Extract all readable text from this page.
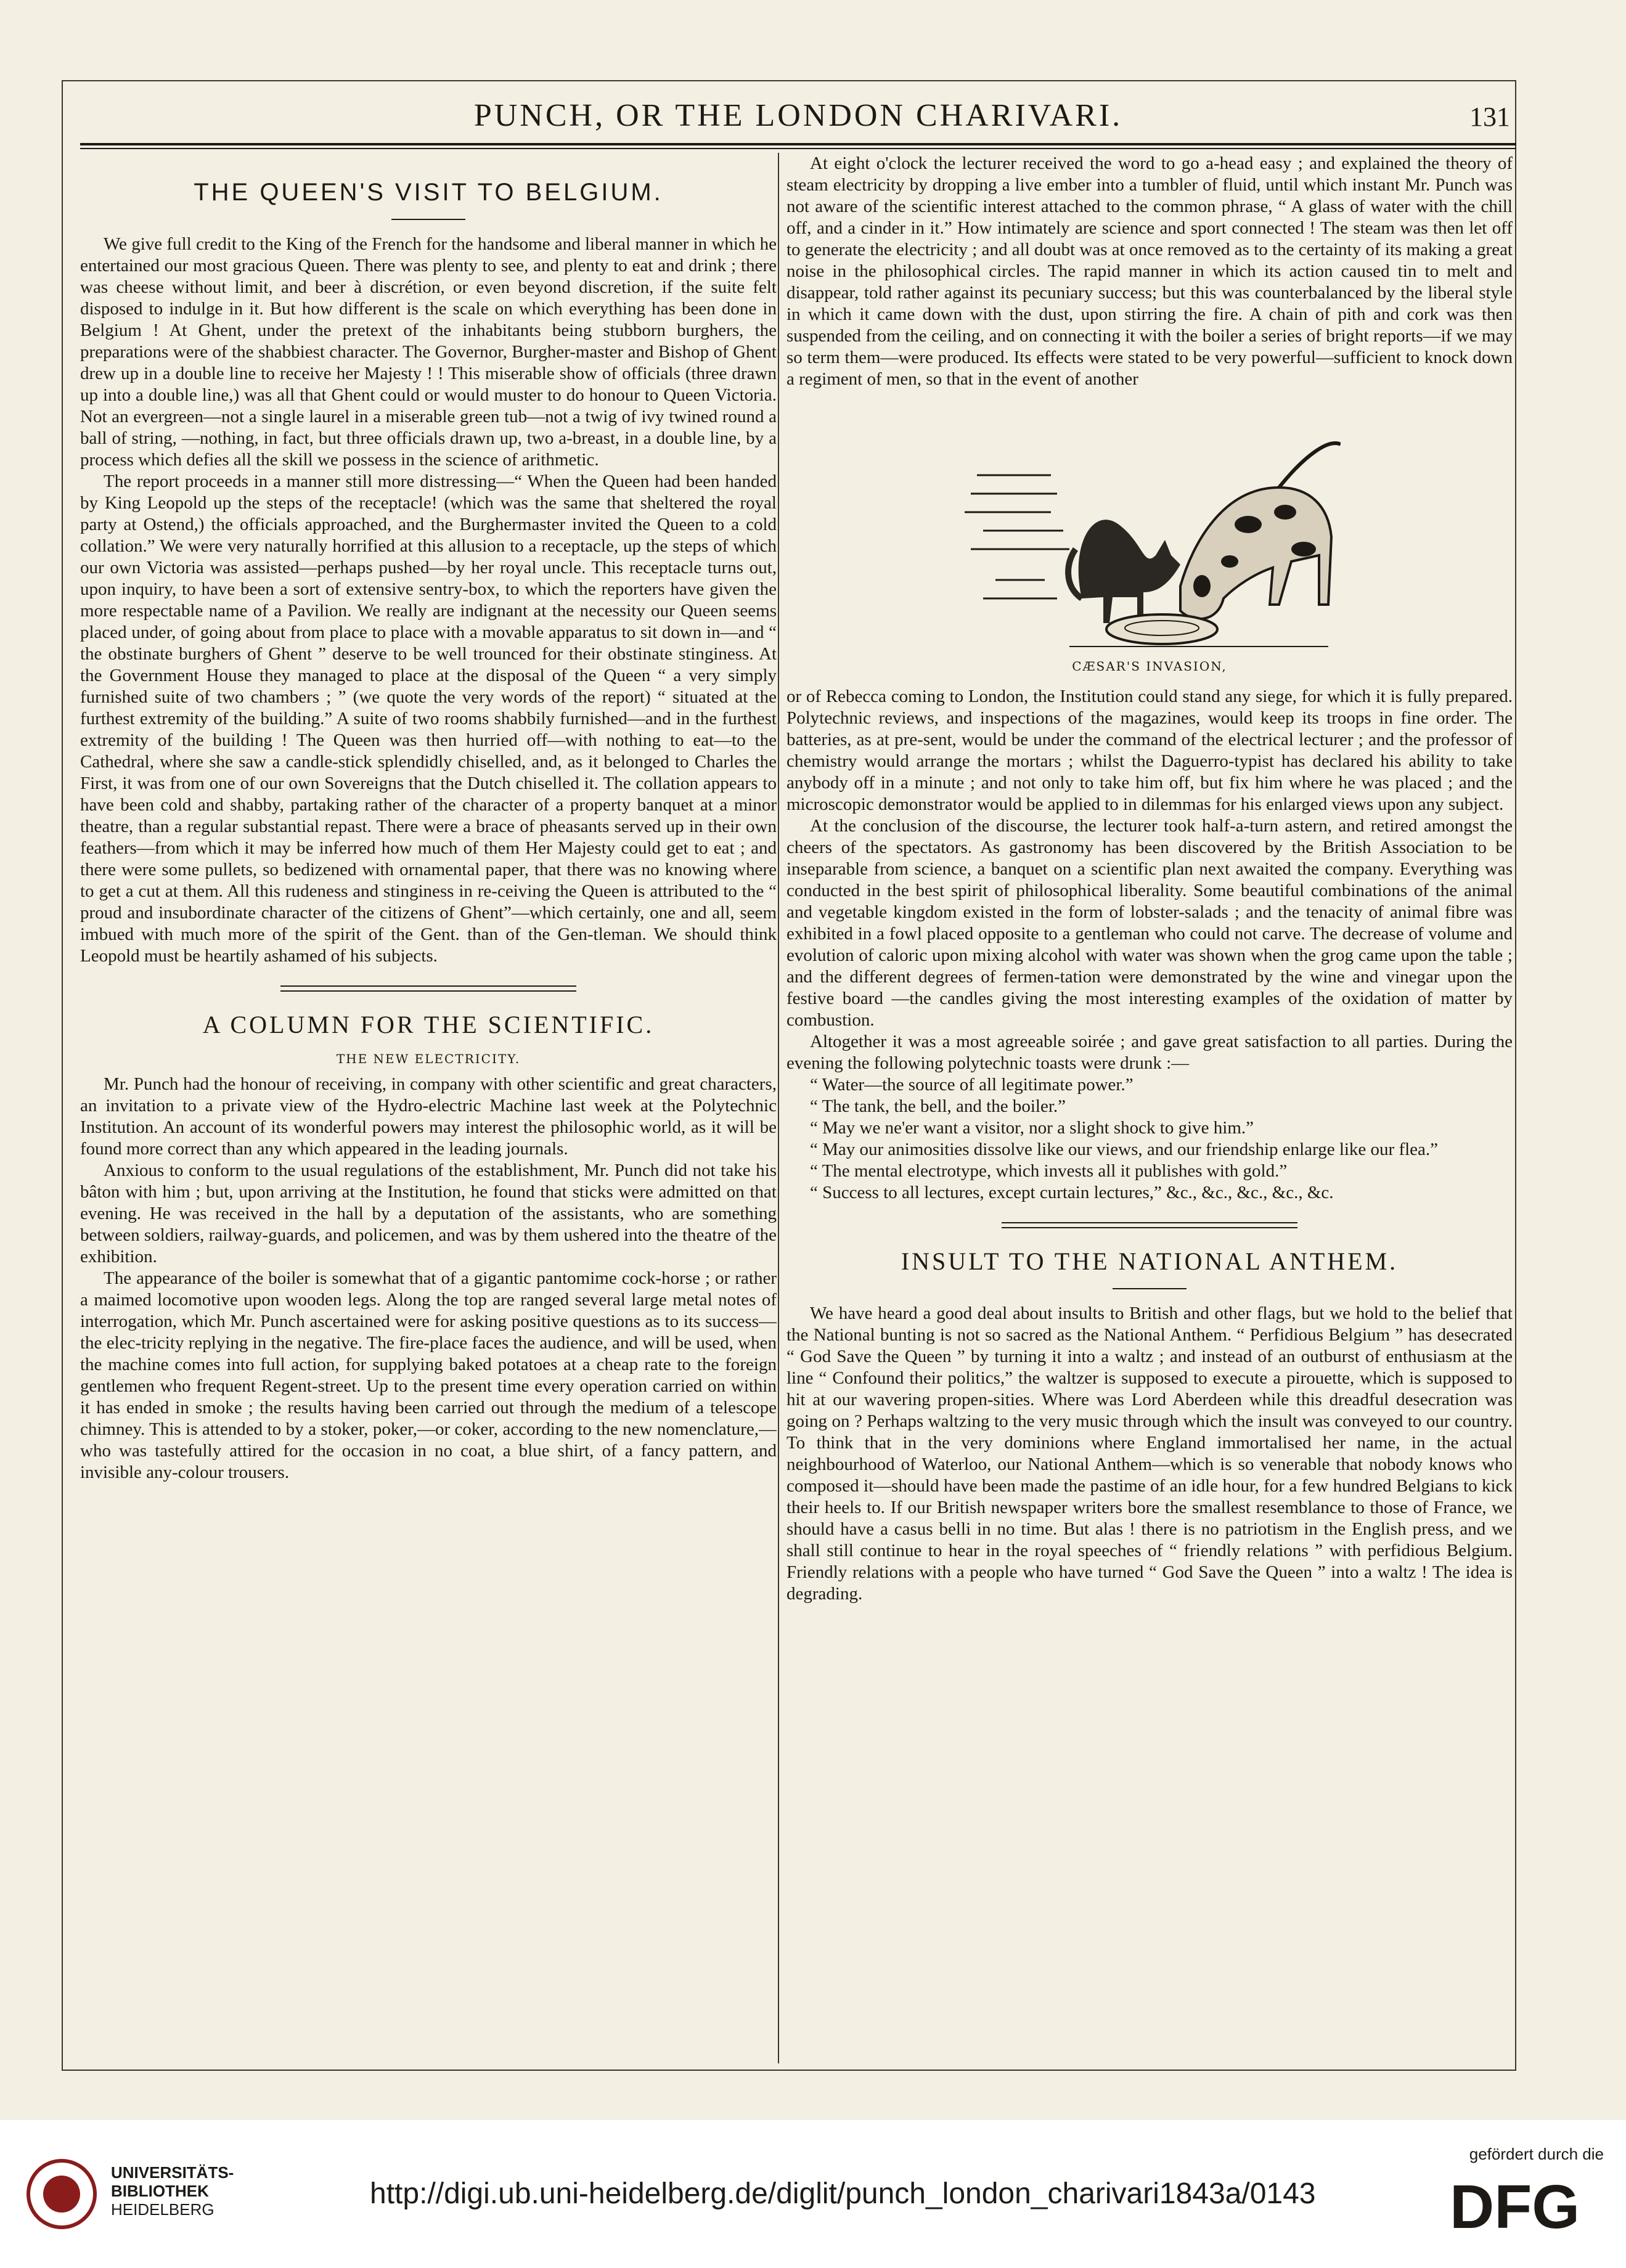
PUNCH, OR THE LONDON CHARIVARI.	131
THE QUEEN'S VISIT TO BELGIUM.

We give full credit to the King of the French for the handsome and liberal manner in which he entertained our most gracious Queen. There was plenty to see, and plenty to eat and drink ; there was cheese without limit, and beer à discrétion, or even beyond discretion, if the suite felt disposed to indulge in it. But how different is the scale on which everything has been done in Belgium ! At Ghent, under the pretext of the inhabitants being stubborn burghers, the preparations were of the shabbiest character. The Governor, Burgher-master and Bishop of Ghent drew up in a double line to receive her Majesty ! ! This miserable show of officials (three drawn up into a double line,) was all that Ghent could or would muster to do honour to Queen Victoria. Not an evergreen—not a single laurel in a miserable green tub—not a twig of ivy twined round a ball of string, —nothing, in fact, but three officials drawn up, two a-breast, in a double line, by a process which defies all the skill we possess in the science of arithmetic.

The report proceeds in a manner still more distressing—“ When the Queen had been handed by King Leopold up the steps of the receptacle! (which was the same that sheltered the royal party at Ostend,) the officials approached, and the Burghermaster invited the Queen to a cold collation.” We were very naturally horrified at this allusion to a receptacle, up the steps of which our own Victoria was assisted—perhaps pushed—by her royal uncle. This receptacle turns out, upon inquiry, to have been a sort of extensive sentry-box, to which the reporters have given the more respectable name of a Pavilion. We really are indignant at the necessity our Queen seems placed under, of going about from place to place with a movable apparatus to sit down in—and “ the obstinate burghers of Ghent ” deserve to be well trounced for their obstinate stinginess. At the Government House they managed to place at the disposal of the Queen “ a very simply furnished suite of two chambers ; ” (we quote the very words of the report) “ situated at the furthest extremity of the building.” A suite of two rooms shabbily furnished—and in the furthest extremity of the building ! The Queen was then hurried off—with nothing to eat—to the Cathedral, where she saw a candle-stick splendidly chiselled, and, as it belonged to Charles the First, it was from one of our own Sovereigns that the Dutch chiselled it. The collation appears to have been cold and shabby, partaking rather of the character of a property banquet at a minor theatre, than a regular substantial repast. There were a brace of pheasants served up in their own feathers—from which it may be inferred how much of them Her Majesty could get to eat ; and there were some pullets, so bedizened with ornamental paper, that there was no knowing where to get a cut at them. All this rudeness and stinginess in re-ceiving the Queen is attributed to the “ proud and insubordinate character of the citizens of Ghent”—which certainly, one and all, seem imbued with much more of the spirit of the Gent. than of the Gen-tleman. We should think Leopold must be heartily ashamed of his subjects.

A COLUMN FOR THE SCIENTIFIC.
THE NEW ELECTRICITY.

Mr. Punch had the honour of receiving, in company with other scientific and great characters, an invitation to a private view of the Hydro-electric Machine last week at the Polytechnic Institution. An account of its wonderful powers may interest the philosophic world, as it will be found more correct than any which appeared in the leading journals.

Anxious to conform to the usual regulations of the establishment, Mr. Punch did not take his bâton with him ; but, upon arriving at the Institution, he found that sticks were admitted on that evening. He was received in the hall by a deputation of the assistants, who are something between soldiers, railway-guards, and policemen, and was by them ushered into the theatre of the exhibition.

The appearance of the boiler is somewhat that of a gigantic pantomime cock-horse ; or rather a maimed locomotive upon wooden legs. Along the top are ranged several large metal notes of interrogation, which Mr. Punch ascertained were for asking positive questions as to its success—the elec-tricity replying in the negative. The fire-place faces the audience, and will be used, when the machine comes into full action, for supplying baked potatoes at a cheap rate to the foreign gentlemen who frequent Regent-street. Up to the present time every operation carried on within it has ended in smoke ; the results having been carried out through the medium of a telescope chimney. This is attended to by a stoker, poker,—or coker, according to the new nomenclature,—who was tastefully attired for the occasion in no coat, a blue shirt, of a fancy pattern, and invisible any-colour trousers.

At eight o'clock the lecturer received the word to go a-head easy ; and explained the theory of steam electricity by dropping a live ember into a tumbler of fluid, until which instant Mr. Punch was not aware of the scientific interest attached to the common phrase, “ A glass of water with the chill off, and a cinder in it.” How intimately are science and sport connected ! The steam was then let off to generate the electricity ; and all doubt was at once removed as to the certainty of its making a great noise in the philosophical circles. The rapid manner in which its action caused tin to melt and disappear, told rather against its pecuniary success; but this was counterbalanced by the liberal style in which it came down with the dust, upon stirring the fire. A chain of pith and cork was then suspended from the ceiling, and on connecting it with the boiler a series of bright reports—if we may so term them—were produced. Its effects were stated to be very powerful—sufficient to knock down a regiment of men, so that in the event of another

CÆSAR'S INVASION,

or of Rebecca coming to London, the Institution could stand any siege, for which it is fully prepared. Polytechnic reviews, and inspections of the magazines, would keep its troops in fine order. The batteries, as at pre-sent, would be under the command of the electrical lecturer ; and the professor of chemistry would arrange the mortars ; whilst the Daguerro-typist has declared his ability to take anybody off in a minute ; and not only to take him off, but fix him where he was placed ; and the microscopic demonstrator would be applied to in dilemmas for his enlarged views upon any subject.

At the conclusion of the discourse, the lecturer took half-a-turn astern, and retired amongst the cheers of the spectators. As gastronomy has been discovered by the British Association to be inseparable from science, a banquet on a scientific plan next awaited the company. Everything was conducted in the best spirit of philosophical liberality. Some beautiful combinations of the animal and vegetable kingdom existed in the form of lobster-salads ; and the tenacity of animal fibre was exhibited in a fowl placed opposite to a gentleman who could not carve. The decrease of volume and evolution of caloric upon mixing alcohol with water was shown when the grog came upon the table ; and the different degrees of fermen-tation were demonstrated by the wine and vinegar upon the festive board —the candles giving the most interesting examples of the oxidation of matter by combustion.

Altogether it was a most agreeable soirée ; and gave great satisfaction to all parties. During the evening the following polytechnic toasts were drunk :—

“ Water—the source of all legitimate power.”
“ The tank, the bell, and the boiler.”
“ May we ne'er want a visitor, nor a slight shock to give him.”
“ May our animosities dissolve like our views, and our friendship enlarge like our flea.”
“ The mental electrotype, which invests all it publishes with gold.”
“ Success to all lectures, except curtain lectures,” &c., &c., &c., &c., &c.
INSULT TO THE NATIONAL ANTHEM.

We have heard a good deal about insults to British and other flags, but we hold to the belief that the National bunting is not so sacred as the National Anthem. “ Perfidious Belgium ” has desecrated “ God Save the Queen ” by turning it into a waltz ; and instead of an outburst of enthusiasm at the line “ Confound their politics,” the waltzer is supposed to execute a pirouette, which is supposed to hit at our wavering propen-sities. Where was Lord Aberdeen while this dreadful desecration was going on ? Perhaps waltzing to the very music through which the insult was conveyed to our country. To think that in the very dominions where England immortalised her name, in the actual neighbourhood of Waterloo, our National Anthem—which is so venerable that nobody knows who composed it—should have been made the pastime of an idle hour, for a few hundred Belgians to kick their heels to. If our British newspaper writers bore the smallest resemblance to those of France, we should have a casus belli in no time. But alas ! there is no patriotism in the English press, and we shall still continue to hear in the royal speeches of “ friendly relations ” with perfidious Belgium. Friendly relations with a people who have turned “ God Save the Queen ” into a waltz ! The idea is degrading.

UNIVERSITÄTS-
BIBLIOTHEK
HEIDELBERG	http://digi.ub.uni-heidelberg.de/diglit/punch_london_charivari1843a/0143
gefördert durch die
DFG
